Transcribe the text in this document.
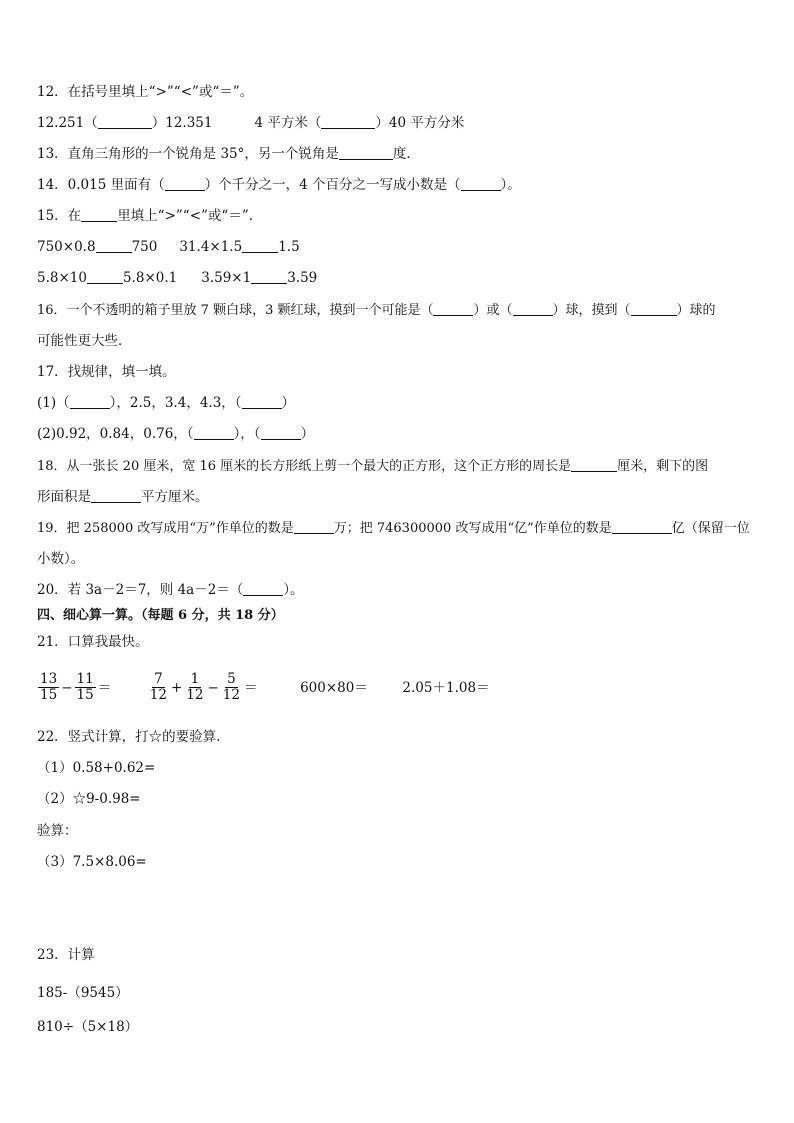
12．在括号里填上“>”“<”或“＝”。
12.251（	）12.351	4 平方米（	）40 平方分米
13．直角三角形的一个锐角是 35°，另一个锐角是	度．
14．0.015 里面有（	）个千分之一，4 个百分之一写成小数是（	）。
15．在	里填上“>”“<”或“＝”．
750×0.8	750 31.4×1.5	1.5
5.8×10	5.8×0.1 3.59×1	3.59
16．一个不透明的箱子里放 7 颗白球，3 颗红球，摸到一个可能是（	）或（	）球，摸到（	）球的
可能性更大些．
17．找规律，填一填。
(1)（	），2.5，3.4，4.3，（	）
(2)0.92，0.84，0.76，（	），（	）
18．从一张长 20 厘米，宽 16 厘米的长方形纸上剪一个最大的正方形，这个正方形的周长是	厘米，剩下的图
形面积是	平方厘米。
19．把 258000 改写成用“万”作单位的数是	万；把 746300000 改写成用“亿”作单位的数是	亿（保留一位
小数）。
20．若 3a－2＝7，则 4a－2＝（	）。
四、细心算一算。（每题 6 分，共 18 分）
21．口算我最快。
$\frac{13}{15} - \frac{11}{15}$ ＝	$\frac{7}{12} + \frac{1}{12} - \frac{5}{12}$ ＝	600×80＝	2.05＋1.08＝
22．竖式计算，打☆的要验算．
（1）0.58+0.62=
（2）☆9-0.98=
验算：
（3）7.5×8.06=
23．计算
185-（9545）
810÷（5×18）
